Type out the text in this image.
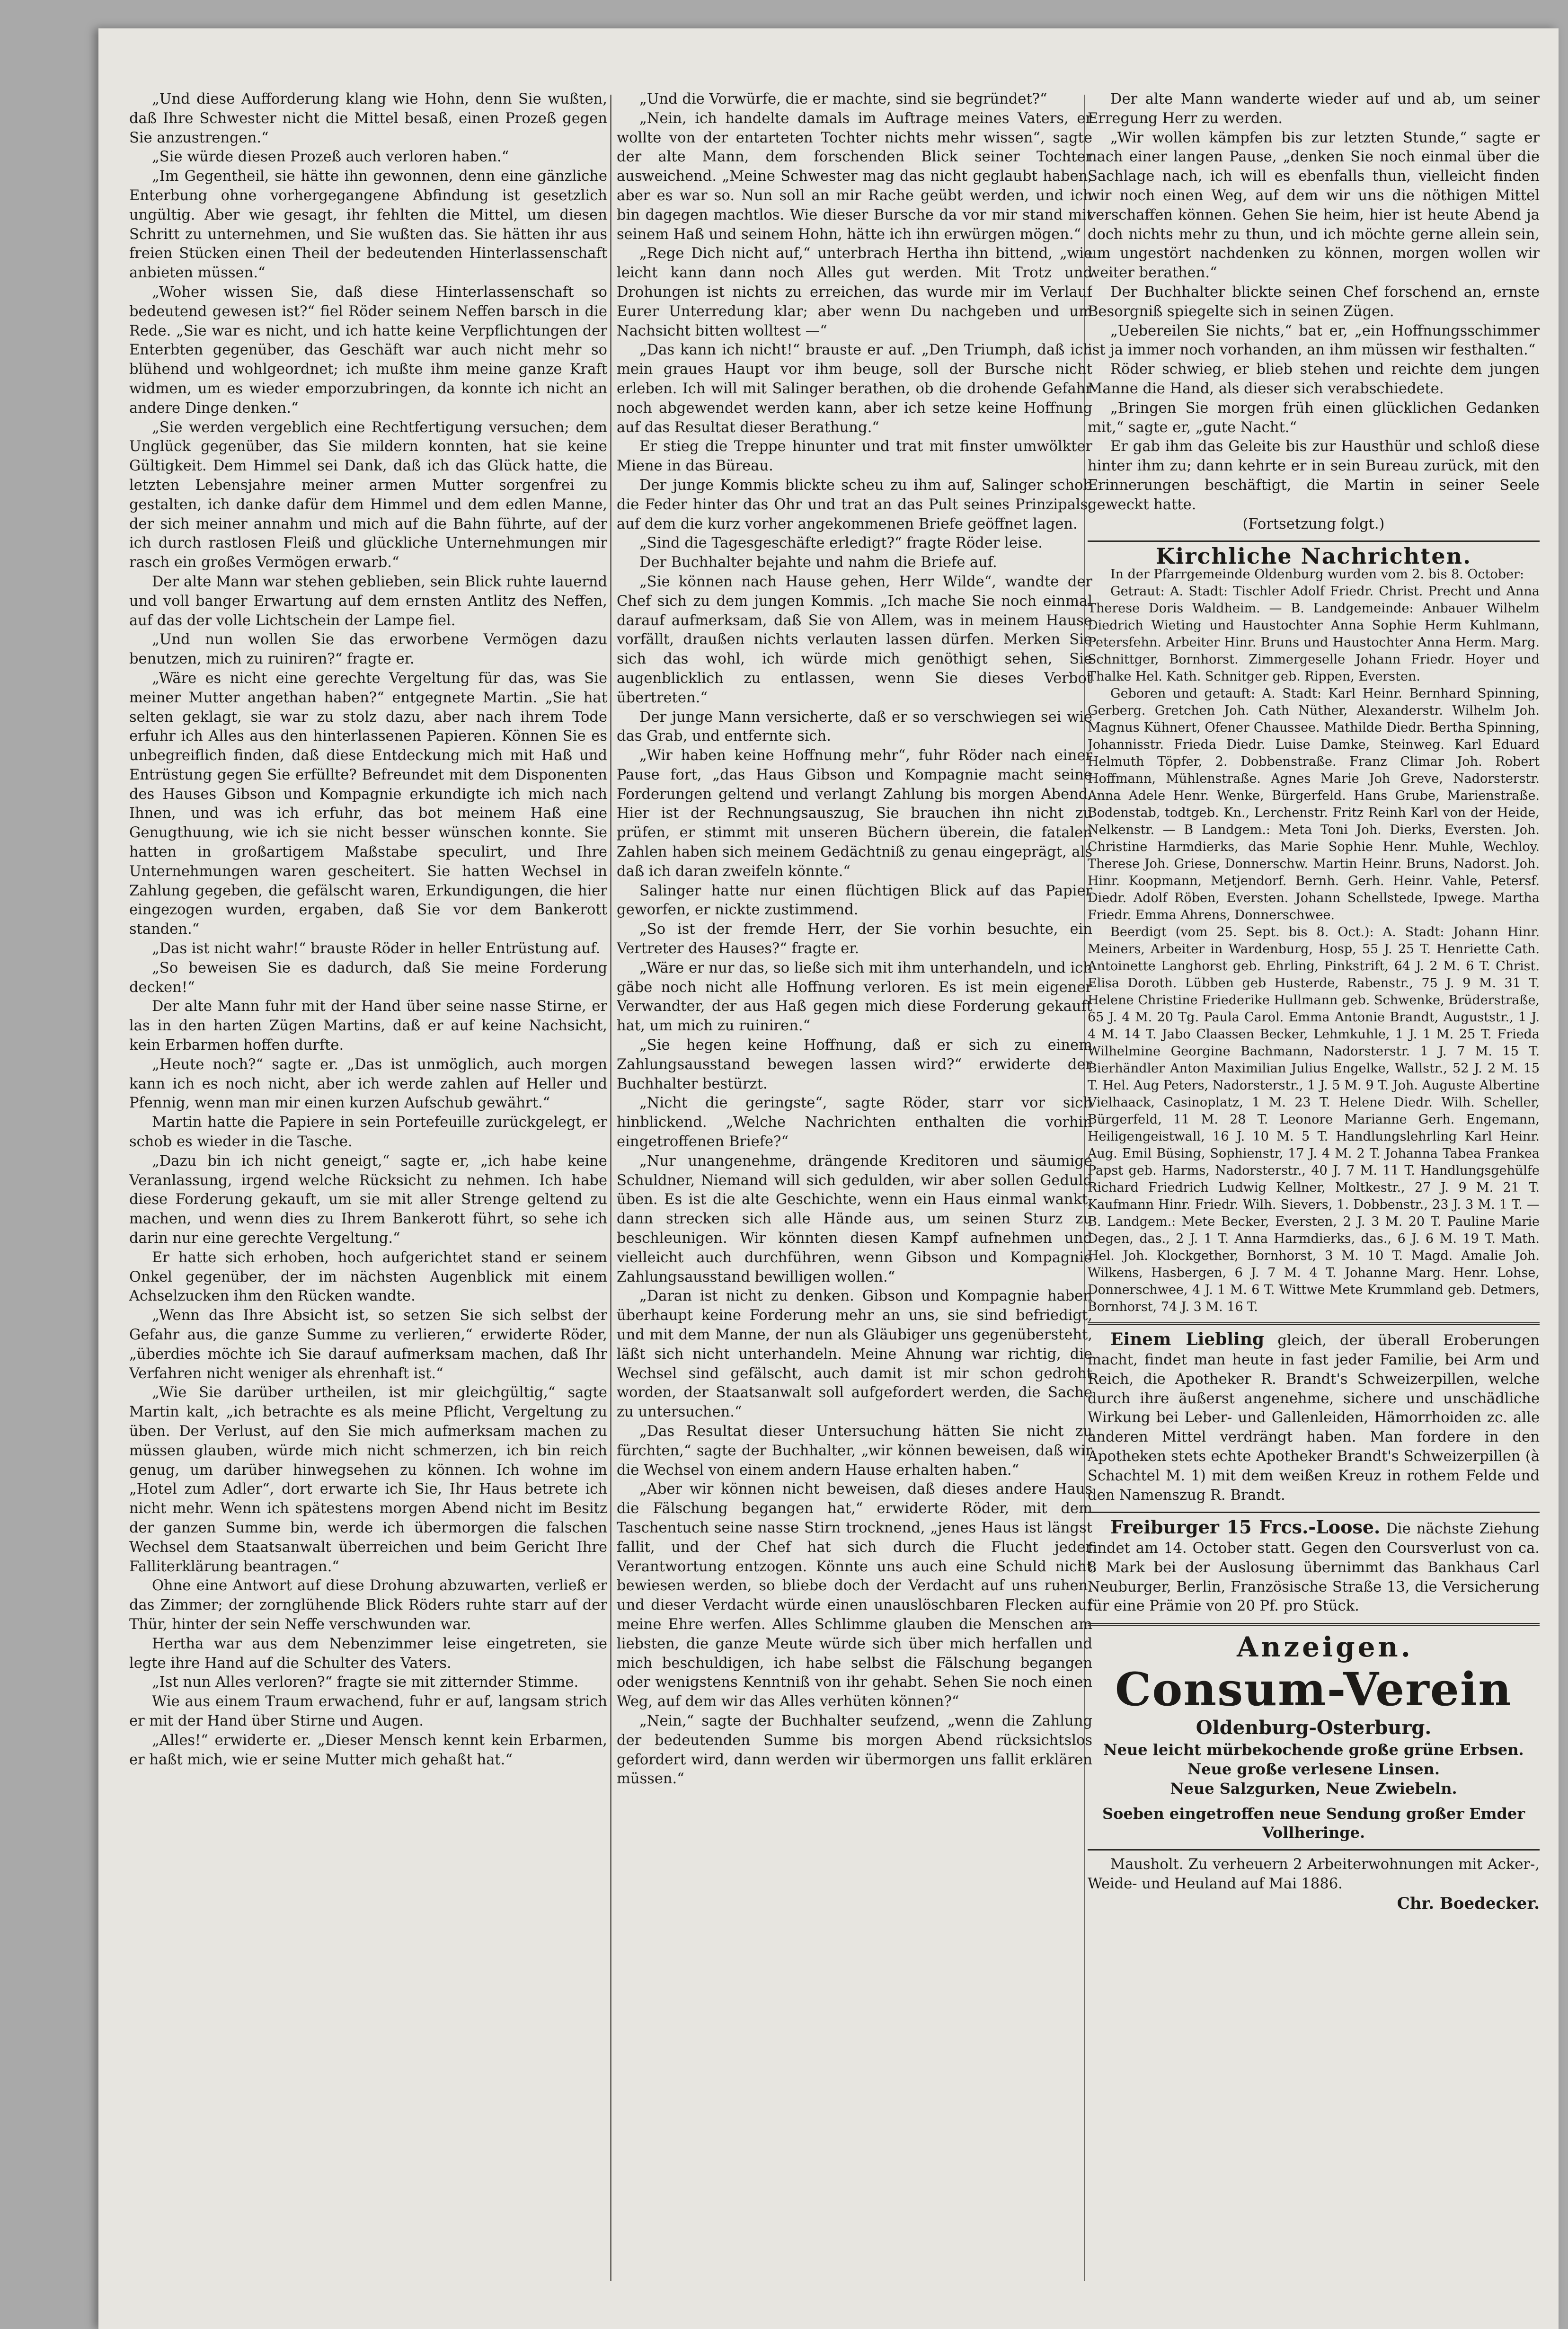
„Und diese Aufforderung klang wie Hohn, denn Sie wußten, daß Ihre Schwester nicht die Mittel besaß, einen Prozeß gegen Sie anzustrengen.“

„Sie würde diesen Prozeß auch verloren haben.“

„Im Gegentheil, sie hätte ihn gewonnen, denn eine gänzliche Enterbung ohne vorhergegangene Abfindung ist gesetzlich ungültig. Aber wie gesagt, ihr fehlten die Mittel, um diesen Schritt zu unternehmen, und Sie wußten das. Sie hätten ihr aus freien Stücken einen Theil der bedeutenden Hinterlassenschaft anbieten müssen.“

„Woher wissen Sie, daß diese Hinterlassenschaft so bedeutend gewesen ist?“ fiel Röder seinem Neffen barsch in die Rede. „Sie war es nicht, und ich hatte keine Verpflichtungen der Enterbten gegenüber, das Geschäft war auch nicht mehr so blühend und wohlgeordnet; ich mußte ihm meine ganze Kraft widmen, um es wieder emporzubringen, da konnte ich nicht an andere Dinge denken.“

„Sie werden vergeblich eine Rechtfertigung versuchen; dem Unglück gegenüber, das Sie mildern konnten, hat sie keine Gültigkeit. Dem Himmel sei Dank, daß ich das Glück hatte, die letzten Lebensjahre meiner armen Mutter sorgenfrei zu gestalten, ich danke dafür dem Himmel und dem edlen Manne, der sich meiner annahm und mich auf die Bahn führte, auf der ich durch rastlosen Fleiß und glückliche Unternehmungen mir rasch ein großes Vermögen erwarb.“

Der alte Mann war stehen geblieben, sein Blick ruhte lauernd und voll banger Erwartung auf dem ernsten Antlitz des Neffen, auf das der volle Lichtschein der Lampe fiel.

„Und nun wollen Sie das erworbene Vermögen dazu benutzen, mich zu ruiniren?“ fragte er.

„Wäre es nicht eine gerechte Vergeltung für das, was Sie meiner Mutter angethan haben?“ entgegnete Martin. „Sie hat selten geklagt, sie war zu stolz dazu, aber nach ihrem Tode erfuhr ich Alles aus den hinterlassenen Papieren. Können Sie es unbegreiflich finden, daß diese Entdeckung mich mit Haß und Entrüstung gegen Sie erfüllte? Befreundet mit dem Disponenten des Hauses Gibson und Kompagnie erkundigte ich mich nach Ihnen, und was ich erfuhr, das bot meinem Haß eine Genugthuung, wie ich sie nicht besser wünschen konnte. Sie hatten in großartigem Maßstabe speculirt, und Ihre Unternehmungen waren gescheitert. Sie hatten Wechsel in Zahlung gegeben, die gefälscht waren, Erkundigungen, die hier eingezogen wurden, ergaben, daß Sie vor dem Bankerott standen.“

„Das ist nicht wahr!“ brauste Röder in heller Entrüstung auf.

„So beweisen Sie es dadurch, daß Sie meine Forderung decken!“

Der alte Mann fuhr mit der Hand über seine nasse Stirne, er las in den harten Zügen Martins, daß er auf keine Nachsicht, kein Erbarmen hoffen durfte.

„Heute noch?“ sagte er. „Das ist unmöglich, auch morgen kann ich es noch nicht, aber ich werde zahlen auf Heller und Pfennig, wenn man mir einen kurzen Aufschub gewährt.“

Martin hatte die Papiere in sein Portefeuille zurückgelegt, er schob es wieder in die Tasche.

„Dazu bin ich nicht geneigt,“ sagte er, „ich habe keine Veranlassung, irgend welche Rücksicht zu nehmen. Ich habe diese Forderung gekauft, um sie mit aller Strenge geltend zu machen, und wenn dies zu Ihrem Bankerott führt, so sehe ich darin nur eine gerechte Vergeltung.“

Er hatte sich erhoben, hoch aufgerichtet stand er seinem Onkel gegenüber, der im nächsten Augenblick mit einem Achselzucken ihm den Rücken wandte.

„Wenn das Ihre Absicht ist, so setzen Sie sich selbst der Gefahr aus, die ganze Summe zu verlieren,“ erwiderte Röder, „überdies möchte ich Sie darauf aufmerksam machen, daß Ihr Verfahren nicht weniger als ehrenhaft ist.“

„Wie Sie darüber urtheilen, ist mir gleichgültig,“ sagte Martin kalt, „ich betrachte es als meine Pflicht, Vergeltung zu üben. Der Verlust, auf den Sie mich aufmerksam machen zu müssen glauben, würde mich nicht schmerzen, ich bin reich genug, um darüber hinwegsehen zu können. Ich wohne im „Hotel zum Adler“, dort erwarte ich Sie, Ihr Haus betrete ich nicht mehr. Wenn ich spätestens morgen Abend nicht im Besitz der ganzen Summe bin, werde ich übermorgen die falschen Wechsel dem Staatsanwalt überreichen und beim Gericht Ihre Falliterklärung beantragen.“

Ohne eine Antwort auf diese Drohung abzuwarten, verließ er das Zimmer; der zornglühende Blick Röders ruhte starr auf der Thür, hinter der sein Neffe verschwunden war.

Hertha war aus dem Nebenzimmer leise eingetreten, sie legte ihre Hand auf die Schulter des Vaters.

„Ist nun Alles verloren?“ fragte sie mit zitternder Stimme.

Wie aus einem Traum erwachend, fuhr er auf, langsam strich er mit der Hand über Stirne und Augen.

„Alles!“ erwiderte er. „Dieser Mensch kennt kein Erbarmen, er haßt mich, wie er seine Mutter mich gehaßt hat.“

„Und die Vorwürfe, die er machte, sind sie begründet?“

„Nein, ich handelte damals im Auftrage meines Vaters, er wollte von der entarteten Tochter nichts mehr wissen“, sagte der alte Mann, dem forschenden Blick seiner Tochter ausweichend. „Meine Schwester mag das nicht geglaubt haben, aber es war so. Nun soll an mir Rache geübt werden, und ich bin dagegen machtlos. Wie dieser Bursche da vor mir stand mit seinem Haß und seinem Hohn, hätte ich ihn erwürgen mögen.“

„Rege Dich nicht auf,“ unterbrach Hertha ihn bittend, „wie leicht kann dann noch Alles gut werden. Mit Trotz und Drohungen ist nichts zu erreichen, das wurde mir im Verlauf Eurer Unterredung klar; aber wenn Du nachgeben und um Nachsicht bitten wolltest —“

„Das kann ich nicht!“ brauste er auf. „Den Triumph, daß ich mein graues Haupt vor ihm beuge, soll der Bursche nicht erleben. Ich will mit Salinger berathen, ob die drohende Gefahr noch abgewendet werden kann, aber ich setze keine Hoffnung auf das Resultat dieser Berathung.“

Er stieg die Treppe hinunter und trat mit finster umwölkter Miene in das Büreau.

Der junge Kommis blickte scheu zu ihm auf, Salinger schob die Feder hinter das Ohr und trat an das Pult seines Prinzipals, auf dem die kurz vorher angekommenen Briefe geöffnet lagen.

„Sind die Tagesgeschäfte erledigt?“ fragte Röder leise.

Der Buchhalter bejahte und nahm die Briefe auf.

„Sie können nach Hause gehen, Herr Wilde“, wandte der Chef sich zu dem jungen Kommis. „Ich mache Sie noch einmal darauf aufmerksam, daß Sie von Allem, was in meinem Hause vorfällt, draußen nichts verlauten lassen dürfen. Merken Sie sich das wohl, ich würde mich genöthigt sehen, Sie augenblicklich zu entlassen, wenn Sie dieses Verbot übertreten.“

Der junge Mann versicherte, daß er so verschwiegen sei wie das Grab, und entfernte sich.

„Wir haben keine Hoffnung mehr“, fuhr Röder nach einer Pause fort, „das Haus Gibson und Kompagnie macht seine Forderungen geltend und verlangt Zahlung bis morgen Abend. Hier ist der Rechnungsauszug, Sie brauchen ihn nicht zu prüfen, er stimmt mit unseren Büchern überein, die fatalen Zahlen haben sich meinem Gedächtniß zu genau eingeprägt, als daß ich daran zweifeln könnte.“

Salinger hatte nur einen flüchtigen Blick auf das Papier geworfen, er nickte zustimmend.

„So ist der fremde Herr, der Sie vorhin besuchte, ein Vertreter des Hauses?“ fragte er.

„Wäre er nur das, so ließe sich mit ihm unterhandeln, und ich gäbe noch nicht alle Hoffnung verloren. Es ist mein eigener Verwandter, der aus Haß gegen mich diese Forderung gekauft hat, um mich zu ruiniren.“

„Sie hegen keine Hoffnung, daß er sich zu einem Zahlungsausstand bewegen lassen wird?“ erwiderte der Buchhalter bestürzt.

„Nicht die geringste“, sagte Röder, starr vor sich hinblickend. „Welche Nachrichten enthalten die vorhin eingetroffenen Briefe?“

„Nur unangenehme, drängende Kreditoren und säumige Schuldner, Niemand will sich gedulden, wir aber sollen Geduld üben. Es ist die alte Geschichte, wenn ein Haus einmal wankt, dann strecken sich alle Hände aus, um seinen Sturz zu beschleunigen. Wir könnten diesen Kampf aufnehmen und vielleicht auch durchführen, wenn Gibson und Kompagnie Zahlungsausstand bewilligen wollen.“

„Daran ist nicht zu denken. Gibson und Kompagnie haben überhaupt keine Forderung mehr an uns, sie sind befriedigt, und mit dem Manne, der nun als Gläubiger uns gegenübersteht, läßt sich nicht unterhandeln. Meine Ahnung war richtig, die Wechsel sind gefälscht, auch damit ist mir schon gedroht worden, der Staatsanwalt soll aufgefordert werden, die Sache zu untersuchen.“

„Das Resultat dieser Untersuchung hätten Sie nicht zu fürchten,“ sagte der Buchhalter, „wir können beweisen, daß wir die Wechsel von einem andern Hause erhalten haben.“

„Aber wir können nicht beweisen, daß dieses andere Haus die Fälschung begangen hat,“ erwiderte Röder, mit dem Taschentuch seine nasse Stirn trocknend, „jenes Haus ist längst fallit, und der Chef hat sich durch die Flucht jeder Verantwortung entzogen. Könnte uns auch eine Schuld nicht bewiesen werden, so bliebe doch der Verdacht auf uns ruhen, und dieser Verdacht würde einen unauslöschbaren Flecken auf meine Ehre werfen. Alles Schlimme glauben die Menschen am liebsten, die ganze Meute würde sich über mich herfallen und mich beschuldigen, ich habe selbst die Fälschung begangen oder wenigstens Kenntniß von ihr gehabt. Sehen Sie noch einen Weg, auf dem wir das Alles verhüten können?“

„Nein,“ sagte der Buchhalter seufzend, „wenn die Zahlung der bedeutenden Summe bis morgen Abend rücksichtslos gefordert wird, dann werden wir übermorgen uns fallit erklären müssen.“

Der alte Mann wanderte wieder auf und ab, um seiner Erregung Herr zu werden.

„Wir wollen kämpfen bis zur letzten Stunde,“ sagte er nach einer langen Pause, „denken Sie noch einmal über die Sachlage nach, ich will es ebenfalls thun, vielleicht finden wir noch einen Weg, auf dem wir uns die nöthigen Mittel verschaffen können. Gehen Sie heim, hier ist heute Abend ja doch nichts mehr zu thun, und ich möchte gerne allein sein, um ungestört nachdenken zu können, morgen wollen wir weiter berathen.“

Der Buchhalter blickte seinen Chef forschend an, ernste Besorgniß spiegelte sich in seinen Zügen.

„Uebereilen Sie nichts,“ bat er, „ein Hoffnungsschimmer ist ja immer noch vorhanden, an ihm müssen wir festhalten.“

Röder schwieg, er blieb stehen und reichte dem jungen Manne die Hand, als dieser sich verabschiedete.

„Bringen Sie morgen früh einen glücklichen Gedanken mit,“ sagte er, „gute Nacht.“

Er gab ihm das Geleite bis zur Hausthür und schloß diese hinter ihm zu; dann kehrte er in sein Bureau zurück, mit den Erinnerungen beschäftigt, die Martin in seiner Seele geweckt hatte.

(Fortsetzung folgt.)

Kirchliche Nachrichten.

In der Pfarrgemeinde Oldenburg wurden vom 2. bis 8. October:

Getraut: A. Stadt: Tischler Adolf Friedr. Christ. Precht und Anna Therese Doris Waldheim. — B. Landgemeinde: Anbauer Wilhelm Diedrich Wieting und Haustochter Anna Sophie Herm Kuhlmann, Petersfehn. Arbeiter Hinr. Bruns und Haustochter Anna Herm. Marg. Schnittger, Bornhorst. Zimmergeselle Johann Friedr. Hoyer und Thalke Hel. Kath. Schnitger geb. Rippen, Eversten.

Geboren und getauft: A. Stadt: Karl Heinr. Bernhard Spinning, Gerberg. Gretchen Joh. Cath Nüther, Alexanderstr. Wilhelm Joh. Magnus Kühnert, Ofener Chaussee. Mathilde Diedr. Bertha Spinning, Johannisstr. Frieda Diedr. Luise Damke, Steinweg. Karl Eduard Helmuth Töpfer, 2. Dobbenstraße. Franz Climar Joh. Robert Hoffmann, Mühlenstraße. Agnes Marie Joh Greve, Nadorsterstr. Anna Adele Henr. Wenke, Bürgerfeld. Hans Grube, Marienstraße. Bodenstab, todtgeb. Kn., Lerchenstr. Fritz Reinh Karl von der Heide, Nelkenstr. — B Landgem.: Meta Toni Joh. Dierks, Eversten. Joh. Christine Harmdierks, das Marie Sophie Henr. Muhle, Wechloy. Therese Joh. Griese, Donnerschw. Martin Heinr. Bruns, Nadorst. Joh. Hinr. Koopmann, Metjendorf. Bernh. Gerh. Heinr. Vahle, Petersf. Diedr. Adolf Röben, Eversten. Johann Schellstede, Ipwege. Martha Friedr. Emma Ahrens, Donnerschwee.

Beerdigt (vom 25. Sept. bis 8. Oct.): A. Stadt: Johann Hinr. Meiners, Arbeiter in Wardenburg, Hosp, 55 J. 25 T. Henriette Cath. Antoinette Langhorst geb. Ehrling, Pinkstrift, 64 J. 2 M. 6 T. Christ. Elisa Doroth. Lübben geb Husterde, Rabenstr., 75 J. 9 M. 31 T. Helene Christine Friederike Hullmann geb. Schwenke, Brüderstraße, 65 J. 4 M. 20 Tg. Paula Carol. Emma Antonie Brandt, Auguststr., 1 J. 4 M. 14 T. Jabo Claassen Becker, Lehmkuhle, 1 J. 1 M. 25 T. Frieda Wilhelmine Georgine Bachmann, Nadorsterstr. 1 J. 7 M. 15 T. Bierhändler Anton Maximilian Julius Engelke, Wallstr., 52 J. 2 M. 15 T. Hel. Aug Peters, Nadorsterstr., 1 J. 5 M. 9 T. Joh. Auguste Albertine Vielhaack, Casinoplatz, 1 M. 23 T. Helene Diedr. Wilh. Scheller, Bürgerfeld, 11 M. 28 T. Leonore Marianne Gerh. Engemann, Heiligengeistwall, 16 J. 10 M. 5 T. Handlungslehrling Karl Heinr. Aug. Emil Büsing, Sophienstr, 17 J. 4 M. 2 T. Johanna Tabea Frankea Papst geb. Harms, Nadorsterstr., 40 J. 7 M. 11 T. Handlungsgehülfe Richard Friedrich Ludwig Kellner, Moltkestr., 27 J. 9 M. 21 T. Kaufmann Hinr. Friedr. Wilh. Sievers, 1. Dobbenstr., 23 J. 3 M. 1 T. — B. Landgem.: Mete Becker, Eversten, 2 J. 3 M. 20 T. Pauline Marie Degen, das., 2 J. 1 T. Anna Harmdierks, das., 6 J. 6 M. 19 T. Math. Hel. Joh. Klockgether, Bornhorst, 3 M. 10 T. Magd. Amalie Joh. Wilkens, Hasbergen, 6 J. 7 M. 4 T. Johanne Marg. Henr. Lohse, Donnerschwee, 4 J. 1 M. 6 T. Wittwe Mete Krummland geb. Detmers, Bornhorst, 74 J. 3 M. 16 T.

Einem Liebling gleich, der überall Eroberungen macht, findet man heute in fast jeder Familie, bei Arm und Reich, die Apotheker R. Brandt's Schweizerpillen, welche durch ihre äußerst angenehme, sichere und unschädliche Wirkung bei Leber- und Gallenleiden, Hämorrhoiden zc. alle anderen Mittel verdrängt haben. Man fordere in den Apotheken stets echte Apotheker Brandt's Schweizerpillen (à Schachtel M. 1) mit dem weißen Kreuz in rothem Felde und den Namenszug R. Brandt.

Freiburger 15 Frcs.-Loose. Die nächste Ziehung findet am 14. October statt. Gegen den Coursverlust von ca. 8 Mark bei der Auslosung übernimmt das Bankhaus Carl Neuburger, Berlin, Französische Straße 13, die Versicherung für eine Prämie von 20 Pf. pro Stück.

Anzeigen.

Consum-Verein
Oldenburg-Osterburg.

Neue leicht mürbekochende große grüne Erbsen.

Neue große verlesene Linsen.

Neue Salzgurken, Neue Zwiebeln.

Soeben eingetroffen neue Sendung großer Emder Vollheringe.

Mausholt. Zu verheuern 2 Arbeiterwohnungen mit Acker-, Weide- und Heuland auf Mai 1886.

Chr. Boedecker.
